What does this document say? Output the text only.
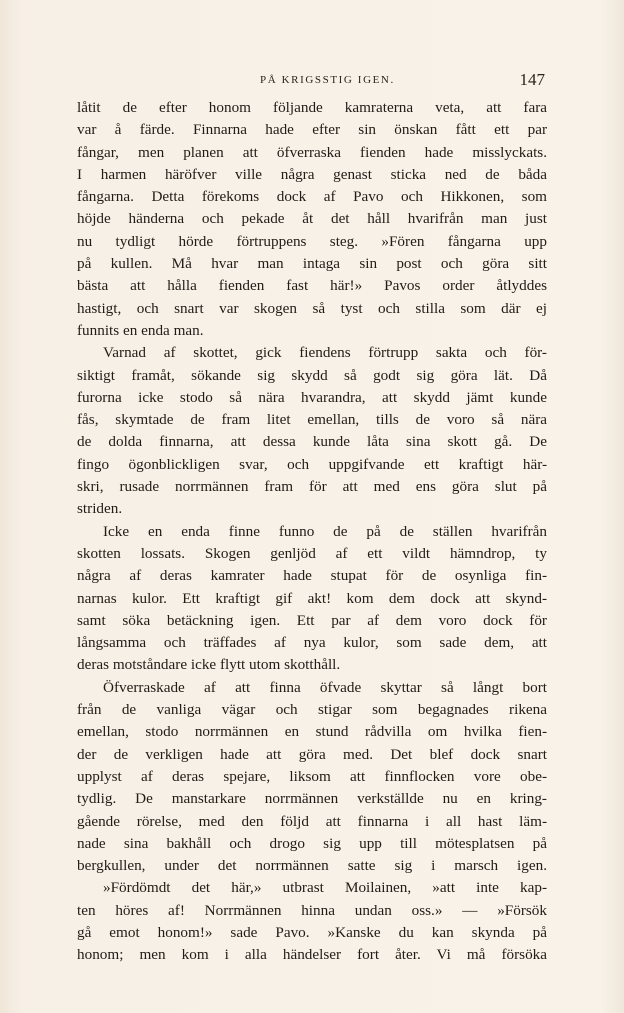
PÅ KRIGSSTIG IGEN.	147
låtit de efter honom följande kamraterna veta, att fara
var å färde. Finnarna hade efter sin önskan fått ett par
fångar, men planen att öfverraska fienden hade misslyckats.
I harmen häröfver ville några genast sticka ned de båda
fångarna. Detta förekoms dock af Pavo och Hikkonen, som
höjde händerna och pekade åt det håll hvarifrån man just
nu tydligt hörde förtruppens steg. »Fören fångarna upp
på kullen. Må hvar man intaga sin post och göra sitt
bästa att hålla fienden fast här!» Pavos order åtlyddes
hastigt, och snart var skogen så tyst och stilla som där ej
funnits en enda man.
Varnad af skottet, gick fiendens förtrupp sakta och för-
siktigt framåt, sökande sig skydd så godt sig göra lät. Då
furorna icke stodo så nära hvarandra, att skydd jämt kunde
fås, skymtade de fram litet emellan, tills de voro så nära
de dolda finnarna, att dessa kunde låta sina skott gå. De
fingo ögonblickligen svar, och uppgifvande ett kraftigt här-
skri, rusade norrmännen fram för att med ens göra slut på
striden.
Icke en enda finne funno de på de ställen hvarifrån
skotten lossats. Skogen genljöd af ett vildt hämndrop, ty
några af deras kamrater hade stupat för de osynliga fin-
narnas kulor. Ett kraftigt gif akt! kom dem dock att skynd-
samt söka betäckning igen. Ett par af dem voro dock för
långsamma och träffades af nya kulor, som sade dem, att
deras motståndare icke flytt utom skotthåll.
Öfverraskade af att finna öfvade skyttar så långt bort
från de vanliga vägar och stigar som begagnades rikena
emellan, stodo norrmännen en stund rådvilla om hvilka fien-
der de verkligen hade att göra med. Det blef dock snart
upplyst af deras spejare, liksom att finnflocken vore obe-
tydlig. De manstarkare norrmännen verkställde nu en kring-
gående rörelse, med den följd att finnarna i all hast läm-
nade sina bakhåll och drogo sig upp till mötesplatsen på
bergkullen, under det norrmännen satte sig i marsch igen.
»Fördömdt det här,» utbrast Moilainen, »att inte kap-
ten höres af! Norrmännen hinna undan oss.» — »Försök
gå emot honom!» sade Pavo. »Kanske du kan skynda på
honom; men kom i alla händelser fort åter. Vi må försöka
